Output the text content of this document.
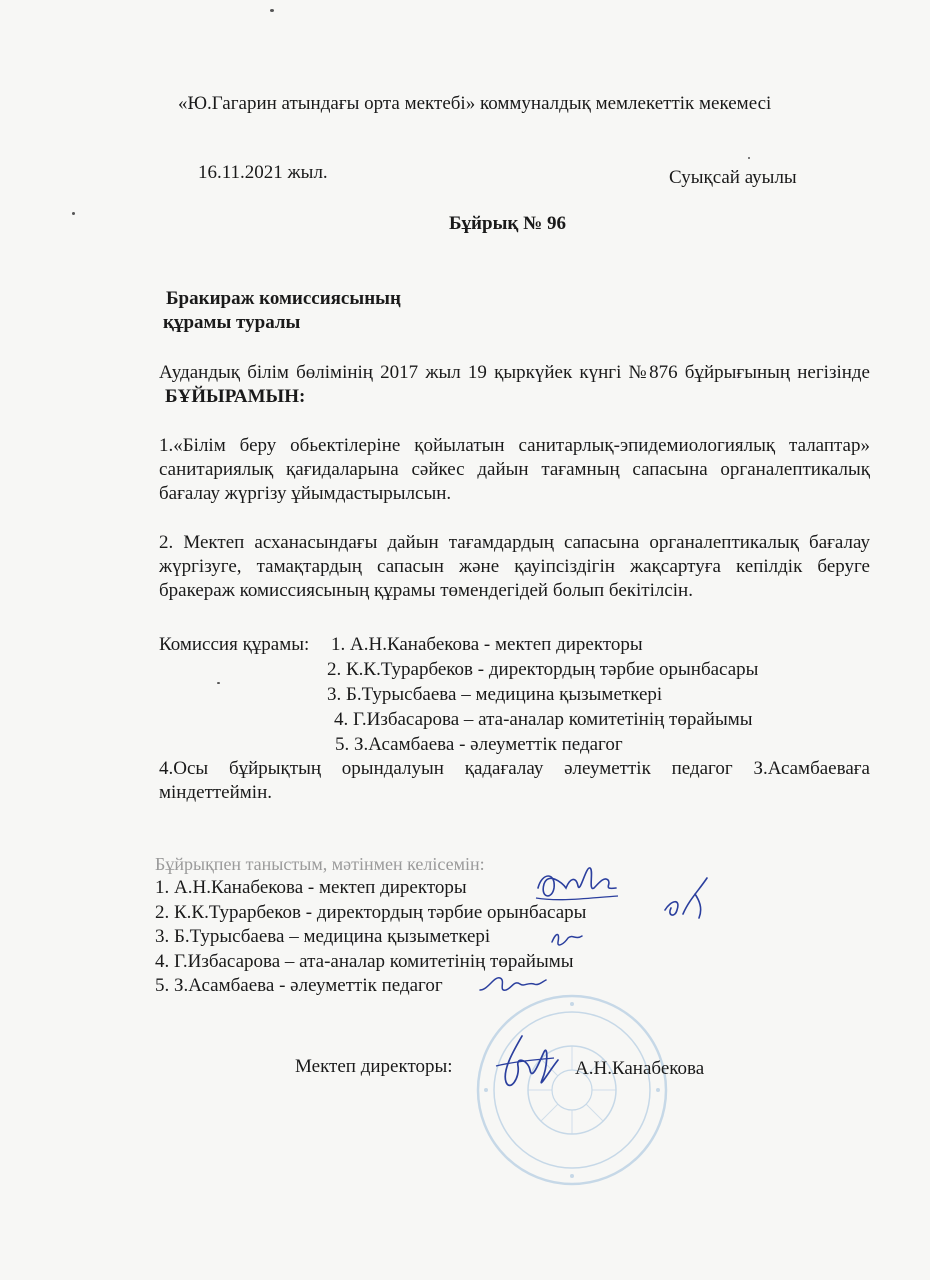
«Ю.Гагарин атындағы орта мектебі» коммуналдық мемлекеттік мекемесі
16.11.2021 жыл.	Суықсай ауылы
Бұйрық № 96
Бракираж комиссиясының
құрамы туралы
Аудандық білім бөлімінің 2017 жыл 19 қыркүйек күнгі №876 бұйрығының негізінде БҰЙЫРАМЫН:
1.«Білім беру обьектілеріне қойылатын санитарлық-эпидемиологиялық талаптар» санитариялық қағидаларына сәйкес дайын тағамның сапасына органалептикалық бағалау жүргізу ұйымдастырылсын.
2. Мектеп асханасындағы дайын тағамдардың сапасына органалептикалық бағалау жүргізуге, тамақтардың сапасын және қауіпсіздігін жақсартуға кепілдік беруге бракераж комиссиясының құрамы төмендегідей болып бекітілсін.
Комиссия құрамы: 1. А.Н.Канабекова - мектеп директоры
2. К.К.Турарбеков - директордың тәрбие орынбасары
3. Б.Турысбаева – медицина қызыметкері
4. Г.Избасарова – ата-аналар комитетінің төрайымы
5. З.Асамбаева - әлеуметтік педагог
4.Осы бұйрықтың орындалуын қадағалау әлеуметтік педагог З.Асамбаеваға міндеттеймін.
Бұйрықпен таныстым, мәтінмен келісемін:
1. А.Н.Канабекова - мектеп директоры
2. К.К.Турарбеков - директордың тәрбие орынбасары
3. Б.Турысбаева – медицина қызыметкері
4. Г.Избасарова – ата-аналар комитетінің төрайымы
5. З.Асамбаева - әлеуметтік педагог
Мектеп директоры:	А.Н.Канабекова
